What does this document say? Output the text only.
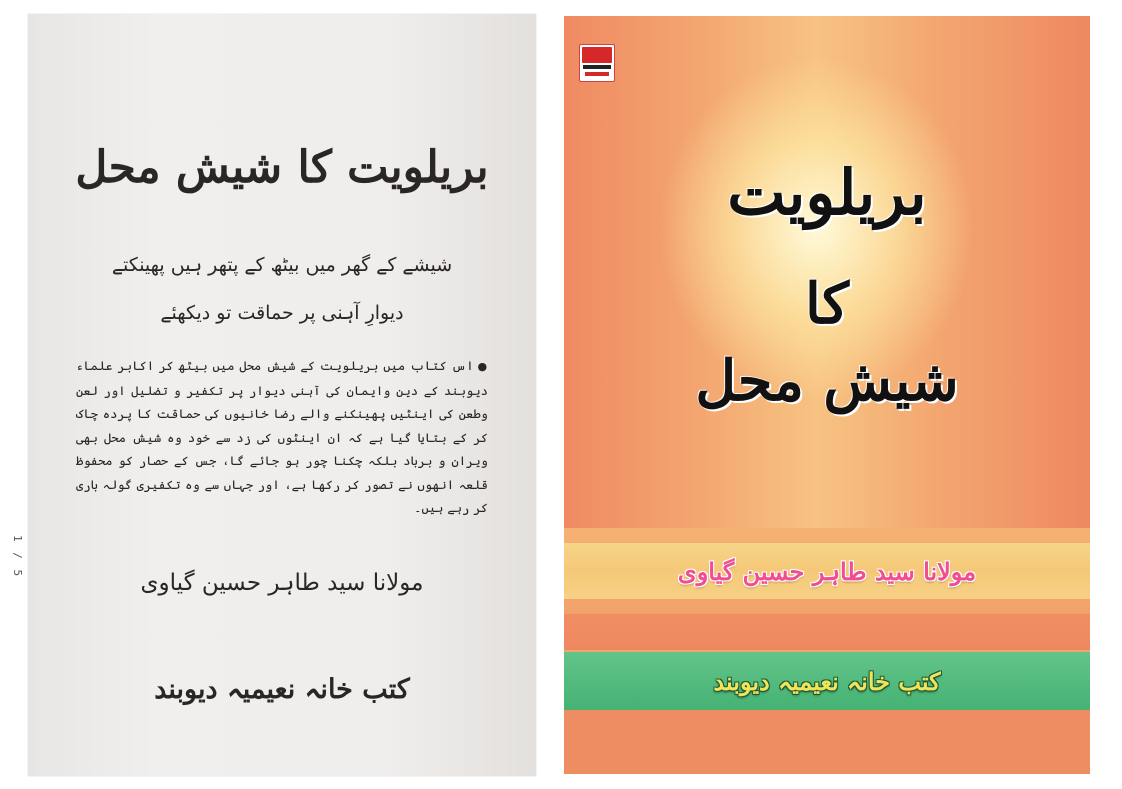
1 / 5
بریلویت کا شیش محل
شیشے کے گھر میں بیٹھ کے پتھر ہیں پھینکتے
دیوارِ آہنی پر حماقت تو دیکھئے
●اس کتاب میں بریلویت کے شیش محل میں بیٹھ کر اکابر علماء دیوبند کے دین وایمان کی آہنی دیوار پر تکفیر و تضلیل اور لعن وطعن کی اینٹیں پھینکنے والے رضا خانیوں کی حماقت کا پردہ چاک کر کے بتایا گیا ہے کہ ان اینٹوں کی زد سے خود وہ شیش محل بھی ویران و برباد بلکہ چکنا چور ہو جائے گا، جس کے حصار کو محفوظ قلعہ انھوں نے تصور کر رکھا ہے، اور جہاں سے وہ تکفیری گولہ باری کر رہے ہیں۔
مولانا سید طاہر حسین گیاوی
کتب خانہ نعیمیہ دیوبند
بریلویت
کا
شیش محل
مولانا سید طاہر حسین گیاوی
کتب خانہ نعیمیہ دیوبند
